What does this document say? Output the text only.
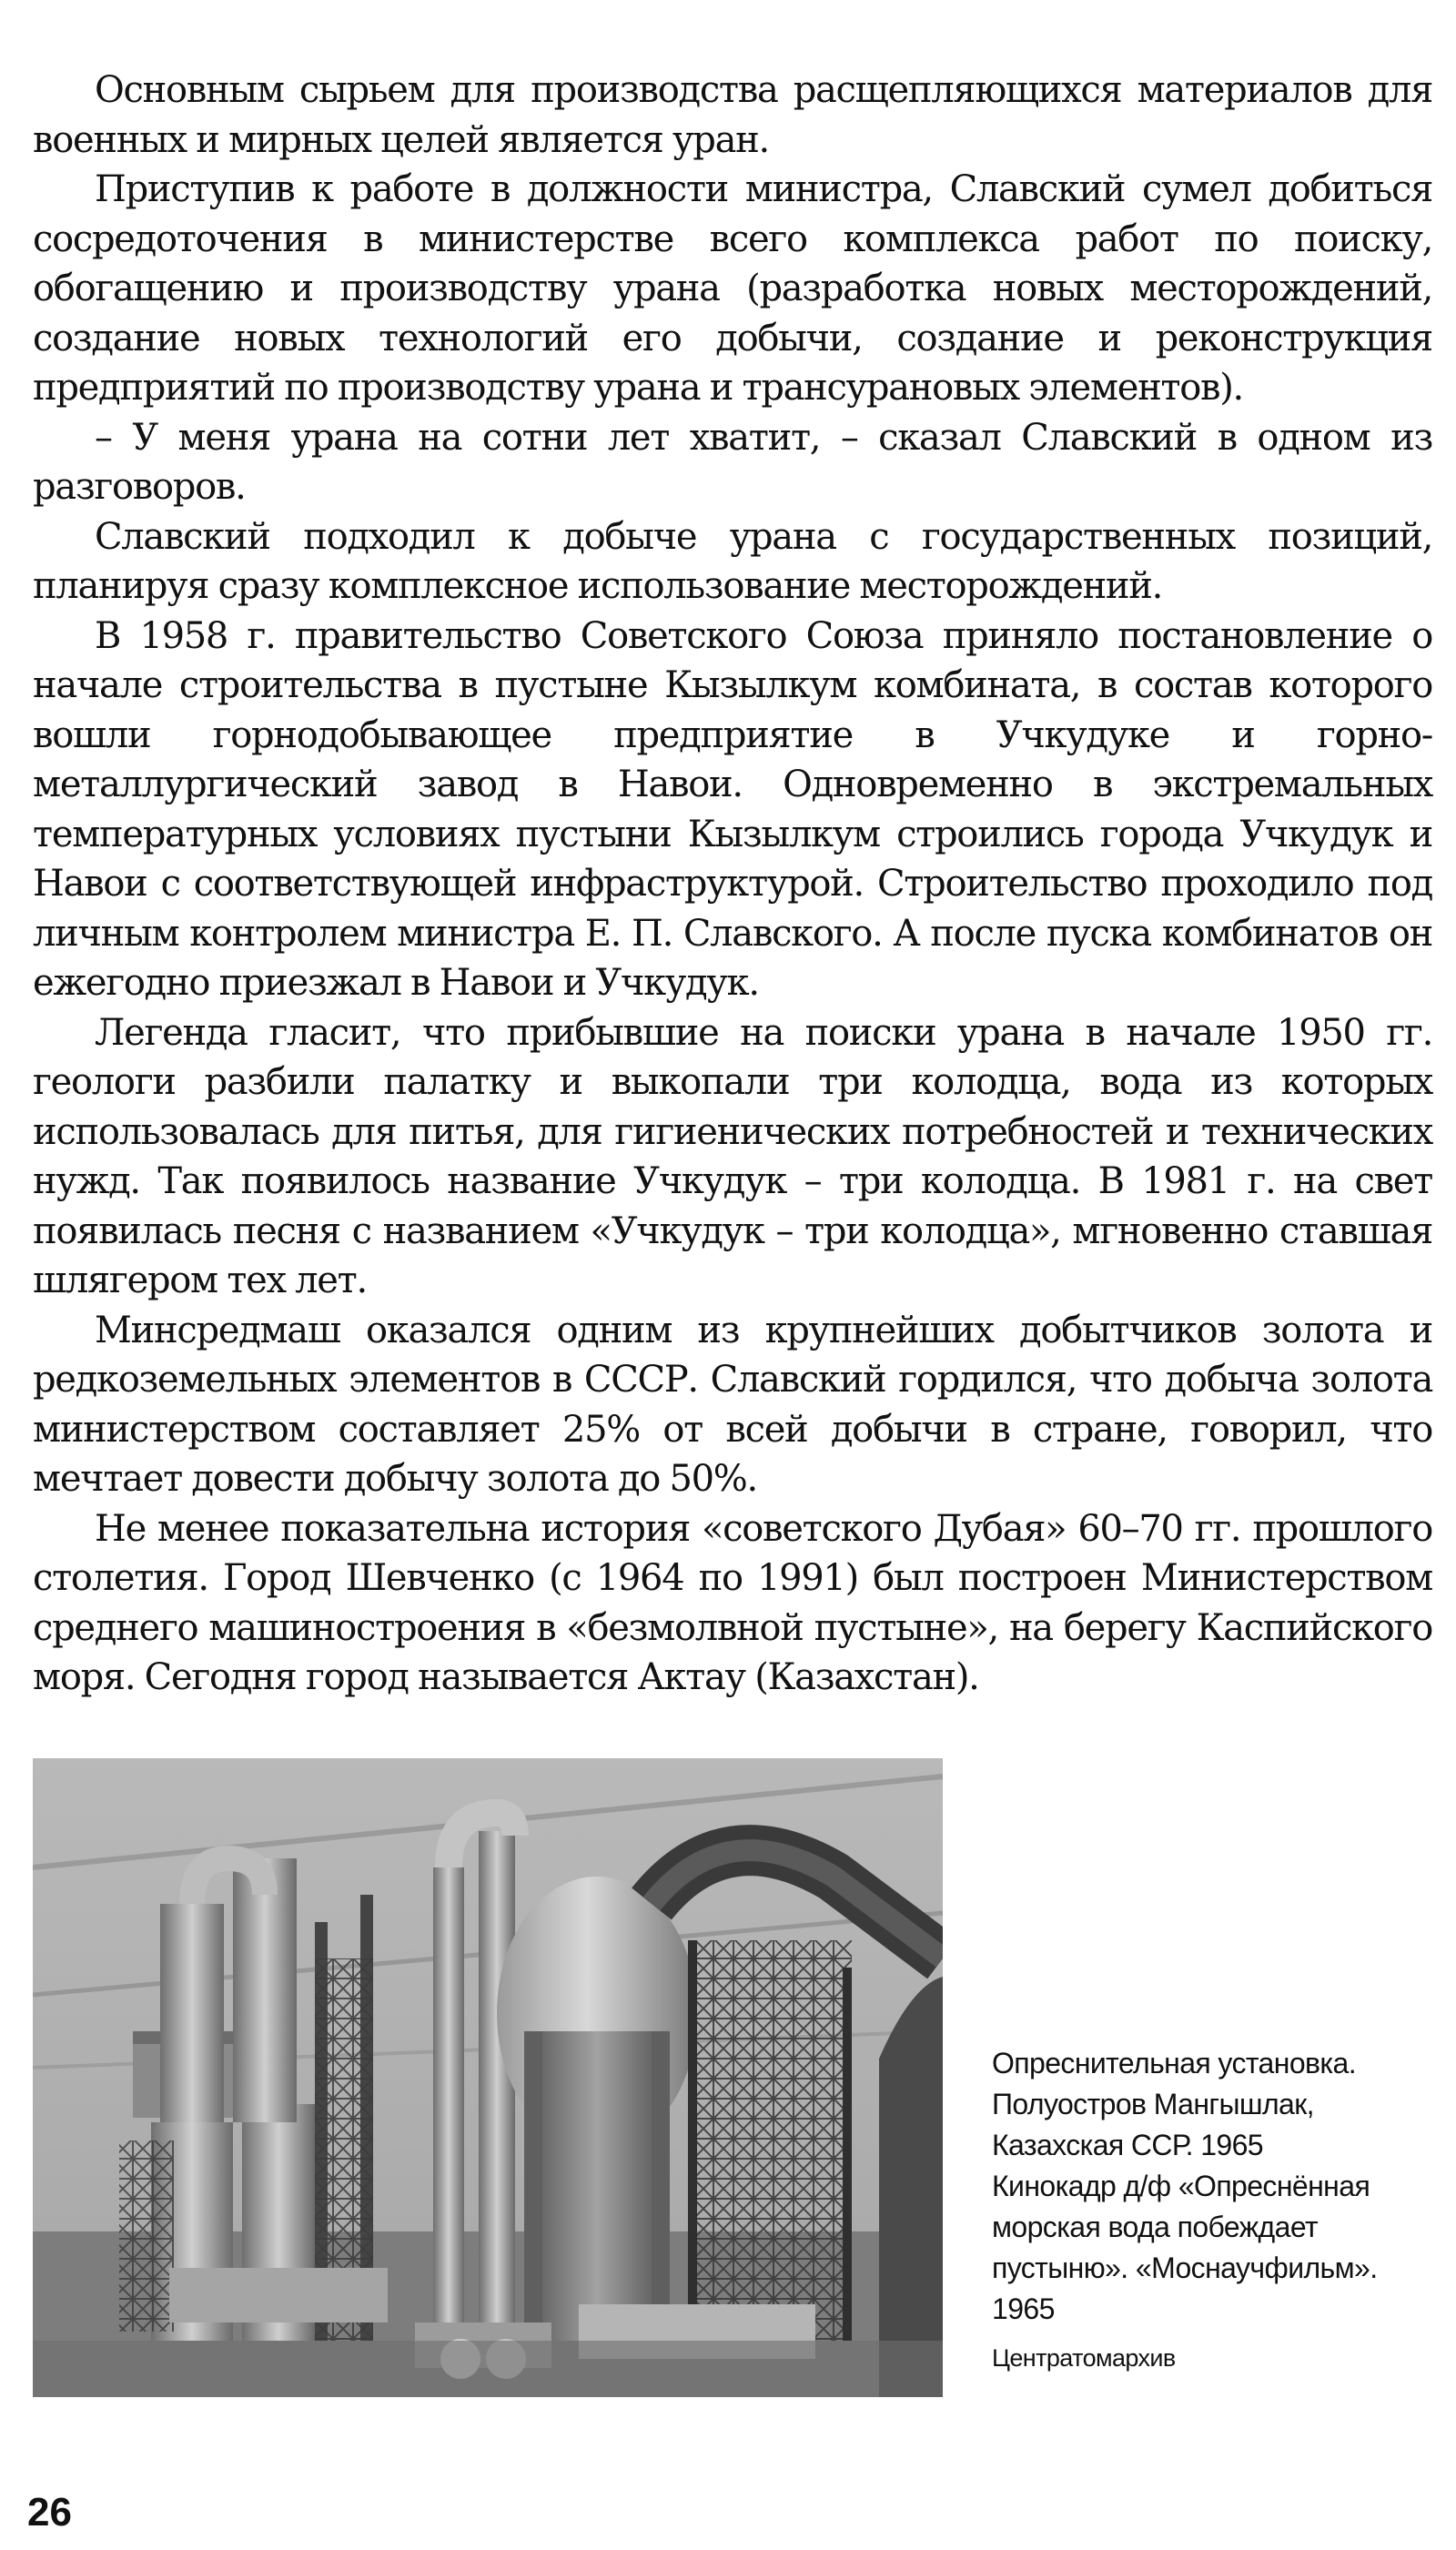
Основным сырьем для производства расщепляющихся материалов для военных и мирных целей является уран.

Приступив к работе в должности министра, Славский сумел добиться сосредоточения в министерстве всего комплекса работ по поиску, обогащению и производству урана (разработка новых месторождений, создание новых технологий его добычи, создание и реконструкция предприятий по производству урана и трансурановых элементов).

– У меня урана на сотни лет хватит, – сказал Славский в одном из разговоров.

Славский подходил к добыче урана с государственных позиций, планируя сразу комплексное использование месторождений.

В 1958 г. правительство Советского Союза приняло постановление о начале строительства в пустыне Кызылкум комбината, в состав которого вошли горнодобывающее предприятие в Учкудуке и горно-металлургический завод в Навои. Одновременно в экстремальных температурных условиях пустыни Кызылкум строились города Учкудук и Навои с соответствующей инфраструктурой. Строительство проходило под личным контролем министра Е. П. Славского. А после пуска комбинатов он ежегодно приезжал в Навои и Учкудук.

Легенда гласит, что прибывшие на поиски урана в начале 1950 гг. геологи разбили палатку и выкопали три колодца, вода из которых использовалась для питья, для гигиенических потребностей и технических нужд. Так появилось название Учкудук – три колодца. В 1981 г. на свет появилась песня с названием «Учкудук – три колодца», мгновенно ставшая шлягером тех лет.

Минсредмаш оказался одним из крупнейших добытчиков золота и редкоземельных элементов в СССР. Славский гордился, что добыча золота министерством составляет 25% от всей добычи в стране, говорил, что мечтает довести добычу золота до 50%.

Не менее показательна история «советского Дубая» 60–70 гг. прошлого столетия. Город Шевченко (с 1964 по 1991) был построен Министерством среднего машиностроения в «безмолвной пустыне», на берегу Каспийского моря. Сегодня город называется Актау (Казахстан).

Опреснительная установка.
Полуостров Мангышлак,
Казахская ССР. 1965
Кинокадр д/ф «Опреснённая
морская вода побеждает
пустыню». «Моснаучфильм».
1965
Центратомархив
26
